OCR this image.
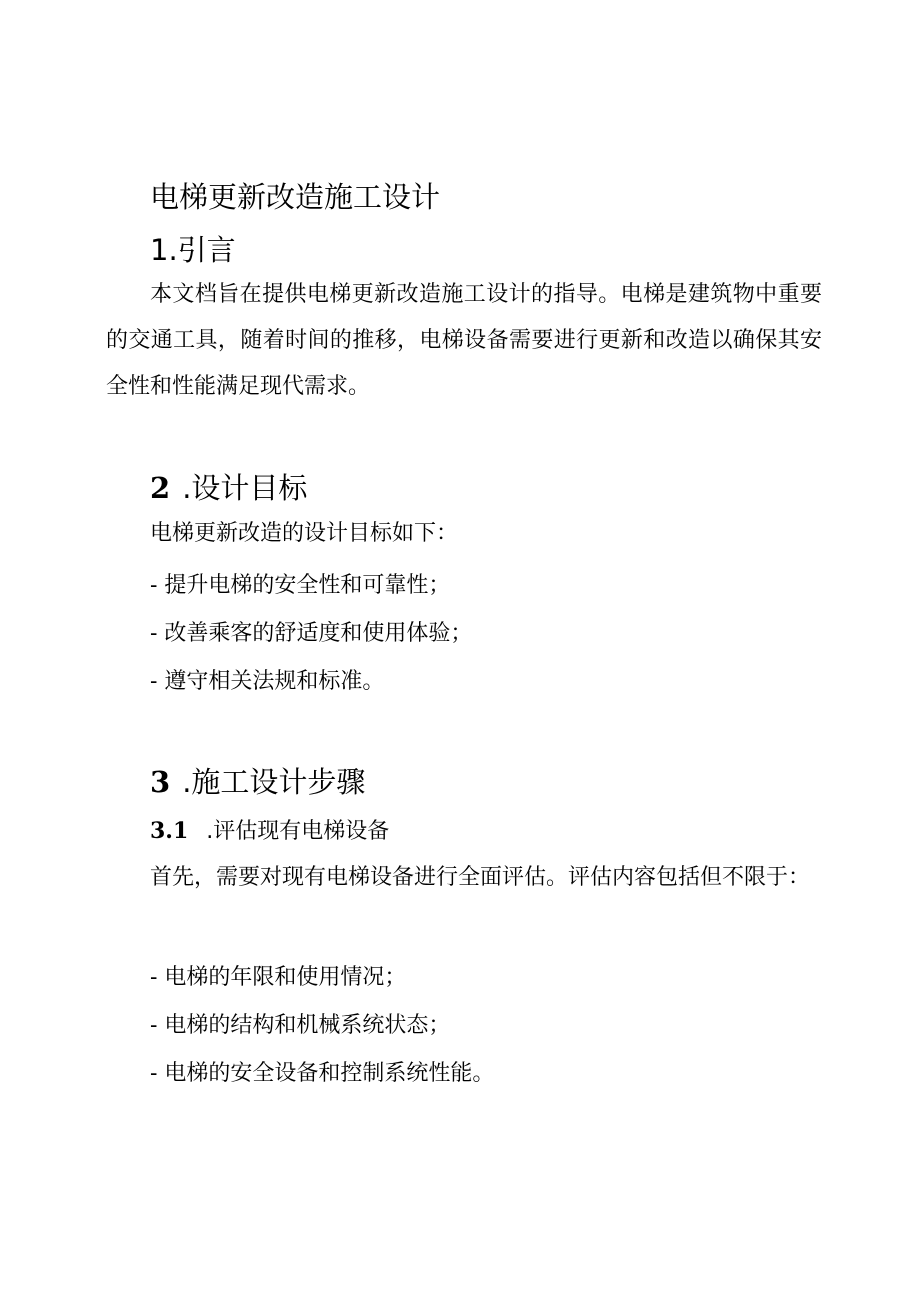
电梯更新改造施工设计
1.引言

本文档旨在提供电梯更新改造施工设计的指导。电梯是建筑物中重要的交通工具，随着时间的推移，电梯设备需要进行更新和改造以确保其安全性和性能满足现代需求。

2 .设计目标
电梯更新改造的设计目标如下：
- 提升电梯的安全性和可靠性；
- 改善乘客的舒适度和使用体验；
- 遵守相关法规和标准。
3 .施工设计步骤
3.1 .评估现有电梯设备

首先，需要对现有电梯设备进行全面评估。评估内容包括但不限于：

- 电梯的年限和使用情况；
- 电梯的结构和机械系统状态；
- 电梯的安全设备和控制系统性能。
